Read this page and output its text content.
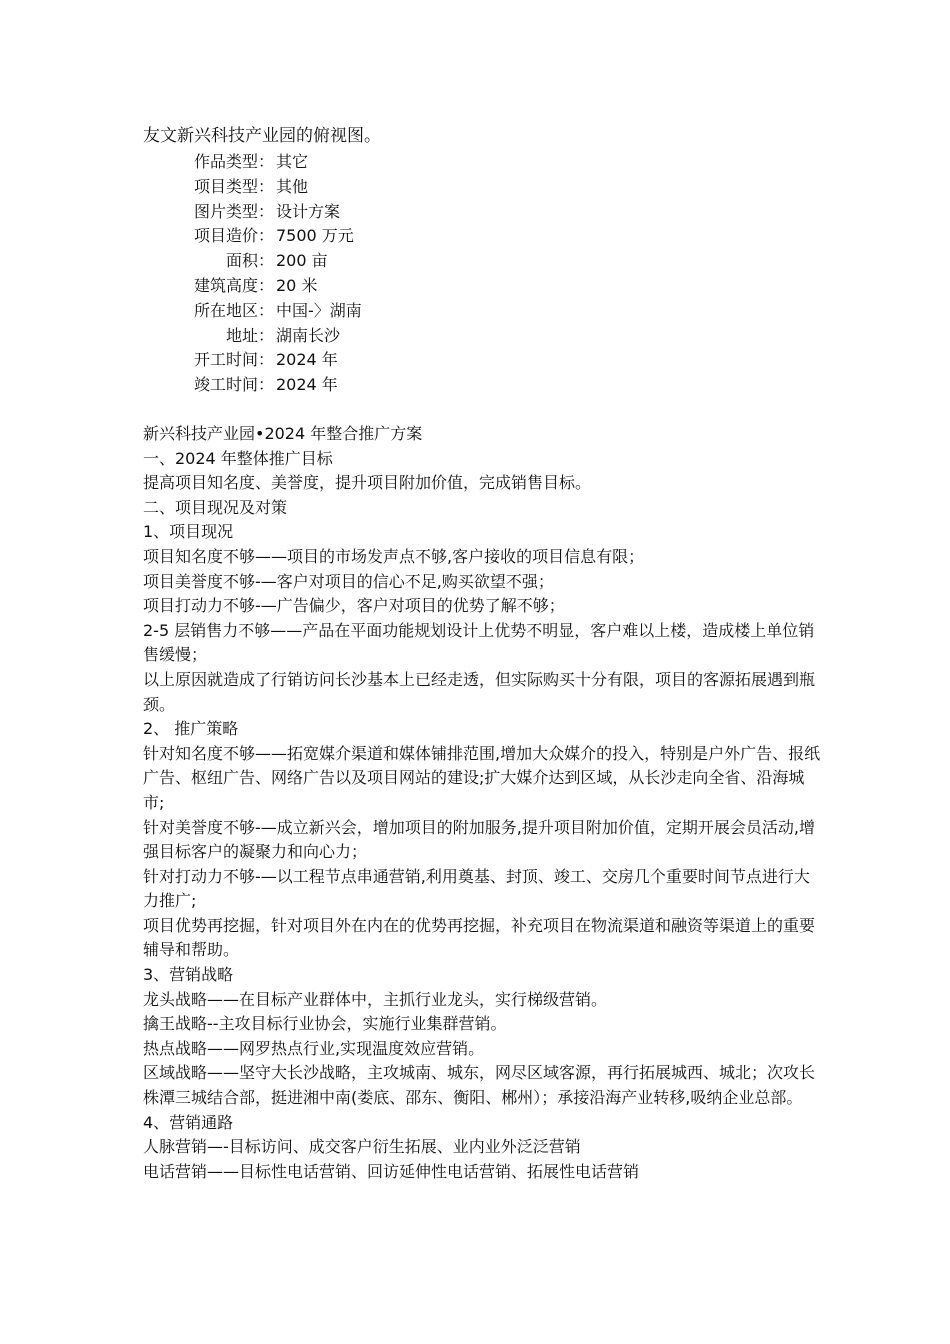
友文新兴科技产业园的俯视图。
作品类型： 其它
项目类型： 其他
图片类型： 设计方案
项目造价： 7500 万元
面积： 200 亩
建筑高度： 20 米
所在地区： 中国-〉湖南
地址： 湖南长沙
开工时间： 2024 年
竣工时间： 2024 年

新兴科技产业园•2024 年整合推广方案

一、2024 年整体推广目标

提高项目知名度、美誉度，提升项目附加价值，完成销售目标。

二、项目现况及对策

1、项目现况

项目知名度不够——项目的市场发声点不够,客户接收的项目信息有限；

项目美誉度不够-—客户对项目的信心不足,购买欲望不强；

项目打动力不够-—广告偏少，客户对项目的优势了解不够；

2-5 层销售力不够——产品在平面功能规划设计上优势不明显，客户难以上楼，造成楼上单位销售缓慢；

以上原因就造成了行销访问长沙基本上已经走透，但实际购买十分有限，项目的客源拓展遇到瓶颈。

2、 推广策略

针对知名度不够——拓宽媒介渠道和媒体铺排范围,增加大众媒介的投入，特别是户外广告、报纸广告、枢纽广告、网络广告以及项目网站的建设;扩大媒介达到区域，从长沙走向全省、沿海城市;

针对美誉度不够-—成立新兴会，增加项目的附加服务,提升项目附加价值，定期开展会员活动,增强目标客户的凝聚力和向心力；

针对打动力不够-—以工程节点串通营销,利用奠基、封顶、竣工、交房几个重要时间节点进行大力推广;

项目优势再挖掘，针对项目外在内在的优势再挖掘，补充项目在物流渠道和融资等渠道上的重要辅导和帮助。

3、营销战略

龙头战略——在目标产业群体中，主抓行业龙头，实行梯级营销。

擒王战略--主攻目标行业协会，实施行业集群营销。

热点战略——网罗热点行业,实现温度效应营销。

区域战略——坚守大长沙战略，主攻城南、城东，网尽区域客源，再行拓展城西、城北；次攻长株潭三城结合部，挺进湘中南(娄底、邵东、衡阳、郴州）；承接沿海产业转移,吸纳企业总部。

4、营销通路

人脉营销—-目标访问、成交客户衍生拓展、业内业外泛泛营销

电话营销——目标性电话营销、回访延伸性电话营销、拓展性电话营销
